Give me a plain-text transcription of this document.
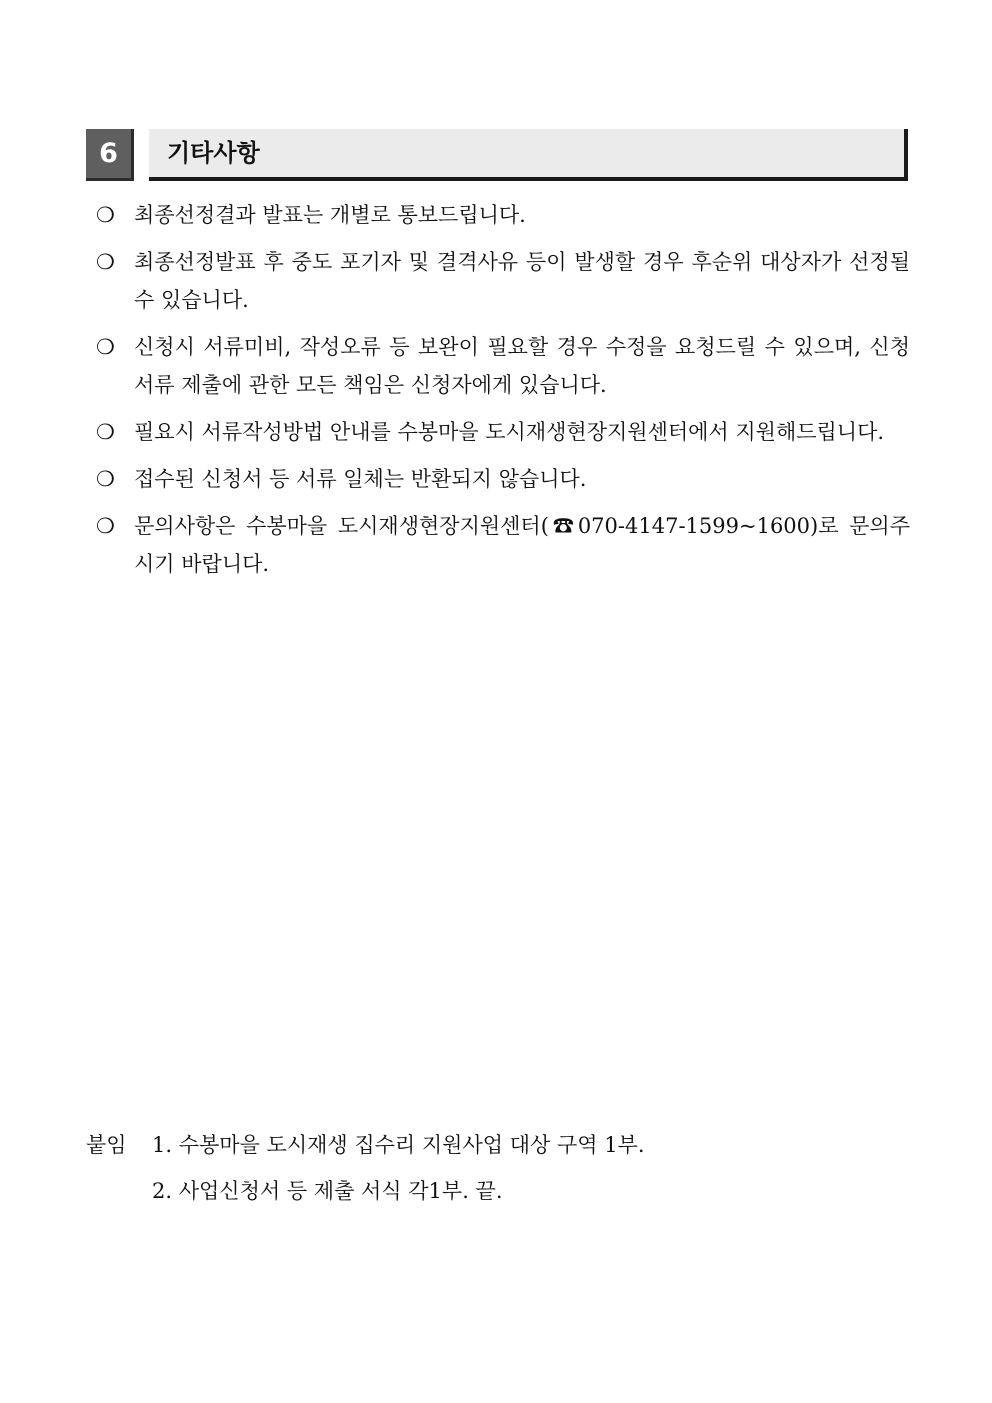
6	기타사항
❍ 최종선정결과 발표는 개별로 통보드립니다.
❍ 최종선정발표 후 중도 포기자 및 결격사유 등이 발생할 경우 후순위 대상자가 선정될 수 있습니다.
❍ 신청시 서류미비, 작성오류 등 보완이 필요할 경우 수정을 요청드릴 수 있으며, 신청서류 제출에 관한 모든 책임은 신청자에게 있습니다.
❍ 필요시 서류작성방법 안내를 수봉마을 도시재생현장지원센터에서 지원해드립니다.
❍ 접수된 신청서 등 서류 일체는 반환되지 않습니다.
❍ 문의사항은 수봉마을 도시재생현장지원센터(☎070-4147-1599~1600)로 문의주시기 바랍니다.
붙임 1. 수봉마을 도시재생 집수리 지원사업 대상 구역 1부.
2. 사업신청서 등 제출 서식 각1부. 끝.
